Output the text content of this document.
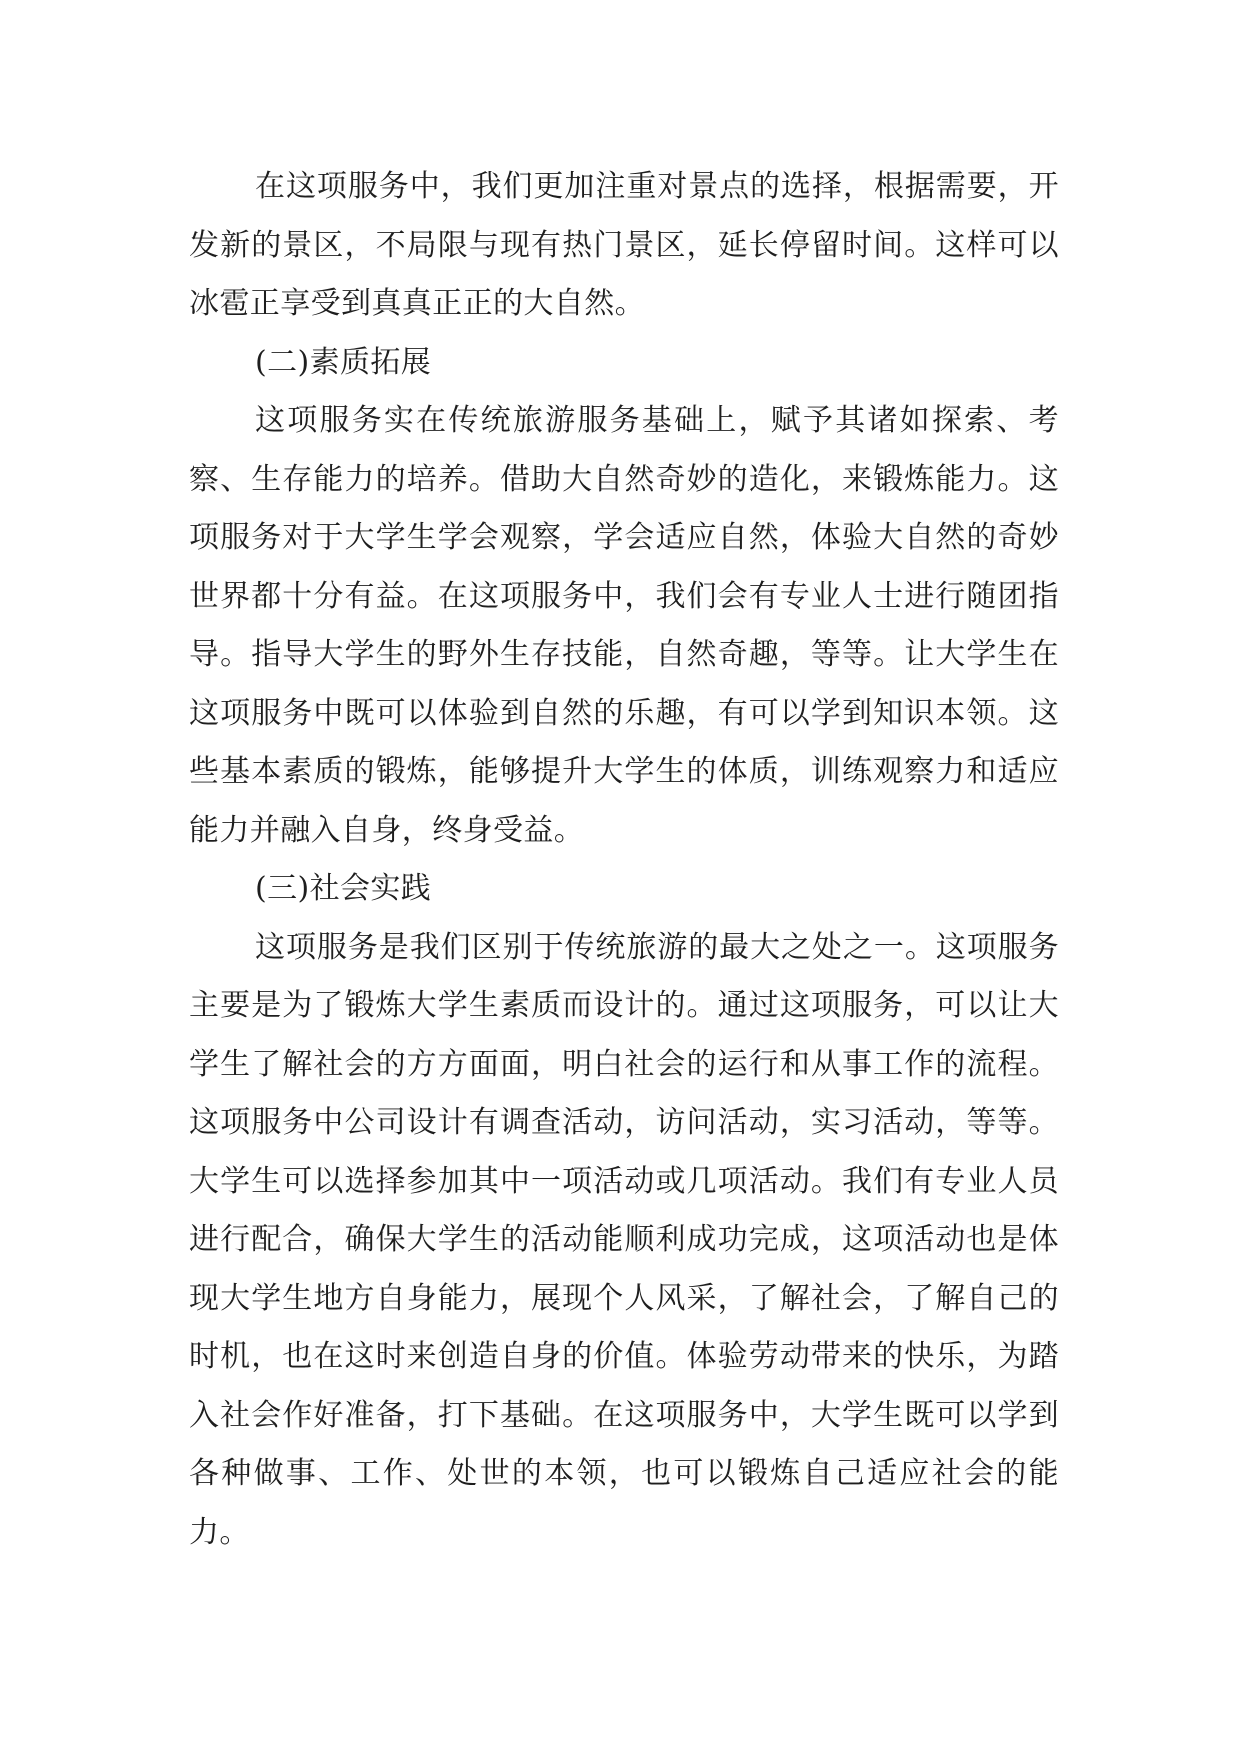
在这项服务中，我们更加注重对景点的选择，根据需要，开发新的景区，不局限与现有热门景区，延长停留时间。这样可以冰雹正享受到真真正正的大自然。

(二)素质拓展

这项服务实在传统旅游服务基础上，赋予其诸如探索、考察、生存能力的培养。借助大自然奇妙的造化，来锻炼能力。这项服务对于大学生学会观察，学会适应自然，体验大自然的奇妙世界都十分有益。在这项服务中，我们会有专业人士进行随团指导。指导大学生的野外生存技能，自然奇趣，等等。让大学生在这项服务中既可以体验到自然的乐趣，有可以学到知识本领。这些基本素质的锻炼，能够提升大学生的体质，训练观察力和适应能力并融入自身，终身受益。

(三)社会实践

这项服务是我们区别于传统旅游的最大之处之一。这项服务主要是为了锻炼大学生素质而设计的。通过这项服务，可以让大学生了解社会的方方面面，明白社会的运行和从事工作的流程。这项服务中公司设计有调查活动，访问活动，实习活动，等等。大学生可以选择参加其中一项活动或几项活动。我们有专业人员进行配合，确保大学生的活动能顺利成功完成，这项活动也是体现大学生地方自身能力，展现个人风采，了解社会，了解自己的时机，也在这时来创造自身的价值。体验劳动带来的快乐，为踏入社会作好准备，打下基础。在这项服务中，大学生既可以学到各种做事、工作、处世的本领，也可以锻炼自己适应社会的能力。
